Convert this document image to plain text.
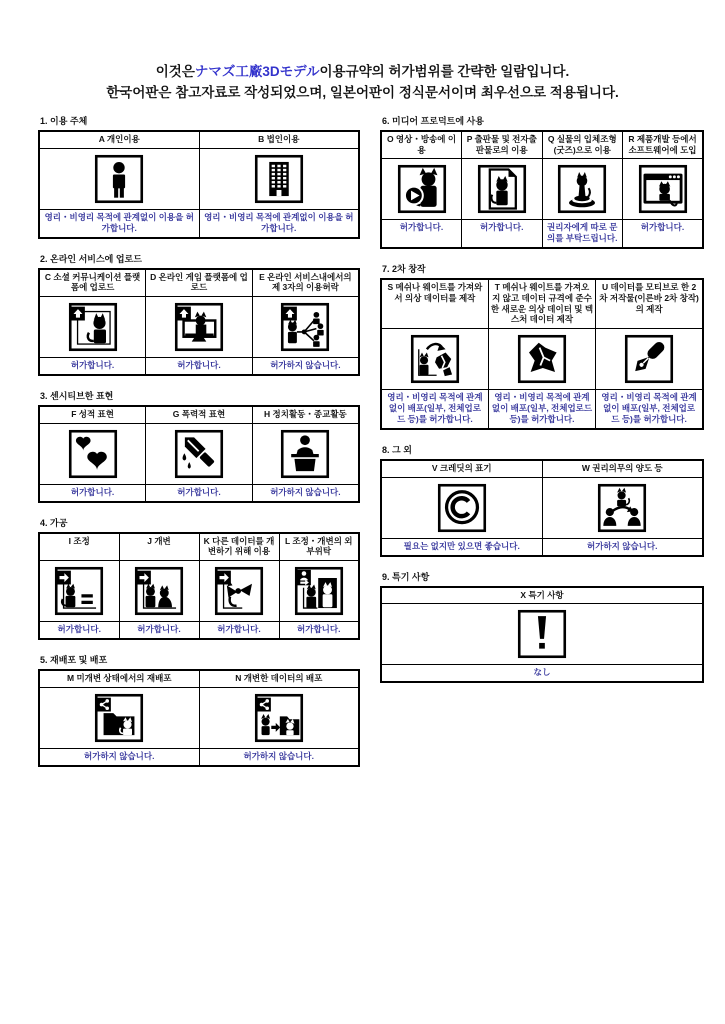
이것은ナマズ工廠3Dモデル이용규약의 허가범위를 간략한 일람입니다.
한국어판은 참고자료로 작성되었으며, 일본어판이 정식문서이며 최우선으로 적용됩니다.
1. 이용 주체
A 개인이용	B 법인이용

영리・비영리 목적에 관계없이 이용을 허가합니다.	영리・비영리 목적에 관계없이 이용을 허가합니다.
2. 온라인 서비스에 업로드
C 소셜 커뮤니케이션 플랫폼에 업로드	D 온라인 게임 플랫폼에 업로드	E 온라인 서비스내에서의 제 3자의 이용허락

허가합니다.	허가합니다.	허가하지 않습니다.
3. 센시티브한 표현
F 성적 표현	G 폭력적 표현	H 정치활동・종교활동

허가합니다.	허가합니다.	허가하지 않습니다.
4. 가공
I 조정	J 개변	K 다른 데이터를 개변하기 위해 이용	L 조정・개변의 외부위탁

허가합니다.	허가합니다.	허가합니다.	허가합니다.
5. 재배포 및 배포
M 미개변 상태에서의 재배포	N 개변한 데이터의 배포

허가하지 않습니다.	허가하지 않습니다.
6. 미디어 프로덕트에 사용
O 영상・방송에 이용	P 출판물 및 전자출판물로의 이용	Q 실물의 입체조형(굿즈)으로 이용	R 제품개발 등에서 소프트웨어에 도입

허가합니다.	허가합니다.	권리자에게 따로 문의를 부탁드립니다.	허가합니다.
7. 2차 창작
S 메쉬나 웨이트를 가져와서 의상 데이터를 제작	T 메쉬나 웨이트를 가져오지 않고 데이터 규격에 준수한 새로운 의상 데이터 및 텍스처 데이터 제작	U 데이터를 모티브로 한 2차 저작물(이른바 2차 창작)의 제작

영리・비영리 목적에 관계없이 배포(일부, 전체업로드 등)를 허가합니다.	영리・비영리 목적에 관계없이 배포(일부, 전체업로드 등)를 허가합니다.	영리・비영리 목적에 관계없이 배포(일부, 전체업로드 등)를 허가합니다.
8. 그 외
V 크레딧의 표기	W 권리의무의 양도 등

필요는 없지만 있으면 좋습니다.	허가하지 않습니다.
9. 특기 사항
X 특기 사항

なし
